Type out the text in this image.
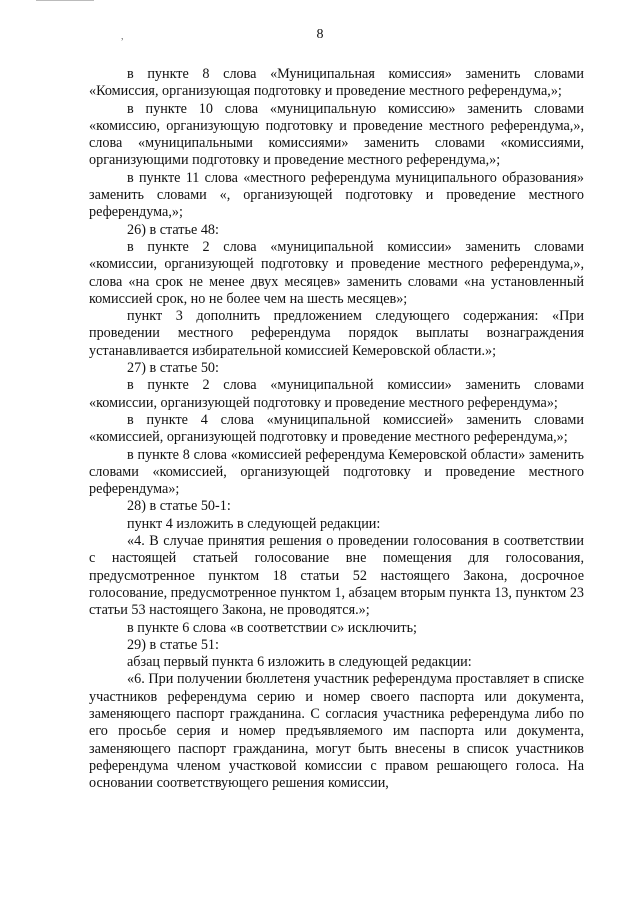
,	8

в пункте 8 слова «Муниципальная комиссия» заменить словами «Комиссия, организующая подготовку и проведение местного референдума,»;

в пункте 10 слова «муниципальную комиссию» заменить словами «комиссию, организующую подготовку и проведение местного референдума,», слова «муниципальными комиссиями» заменить словами «комиссиями, организующими подготовку и проведение местного референдума,»;

в пункте 11 слова «местного референдума муниципального образования» заменить словами «, организующей подготовку и проведение местного референдума,»;

26) в статье 48:

в пункте 2 слова «муниципальной комиссии» заменить словами «комиссии, организующей подготовку и проведение местного референдума,», слова «на срок не менее двух месяцев» заменить словами «на установленный комиссией срок, но не более чем на шесть месяцев»;

пункт 3 дополнить предложением следующего содержания: «При проведении местного референдума порядок выплаты вознаграждения устанавливается избирательной комиссией Кемеровской области.»;

27) в статье 50:

в пункте 2 слова «муниципальной комиссии» заменить словами «комиссии, организующей подготовку и проведение местного референдума»;

в пункте 4 слова «муниципальной комиссией» заменить словами «комиссией, организующей подготовку и проведение местного референдума,»;

в пункте 8 слова «комиссией референдума Кемеровской области» заменить словами «комиссией, организующей подготовку и проведение местного референдума»;

28) в статье 50-1:

пункт 4 изложить в следующей редакции:

«4. В случае принятия решения о проведении голосования в соответствии с настоящей статьей голосование вне помещения для голосования, предусмотренное пунктом 18 статьи 52 настоящего Закона, досрочное голосование, предусмотренное пунктом 1, абзацем вторым пункта 13, пунктом 23 статьи 53 настоящего Закона, не проводятся.»;

в пункте 6 слова «в соответствии с» исключить;

29) в статье 51:

абзац первый пункта 6 изложить в следующей редакции:

«6. При получении бюллетеня участник референдума проставляет в списке участников референдума серию и номер своего паспорта или документа, заменяющего паспорт гражданина. С согласия участника референдума либо по его просьбе серия и номер предъявляемого им паспорта или документа, заменяющего паспорт гражданина, могут быть внесены в список участников референдума членом участковой комиссии с правом решающего голоса. На основании соответствующего решения комиссии,
